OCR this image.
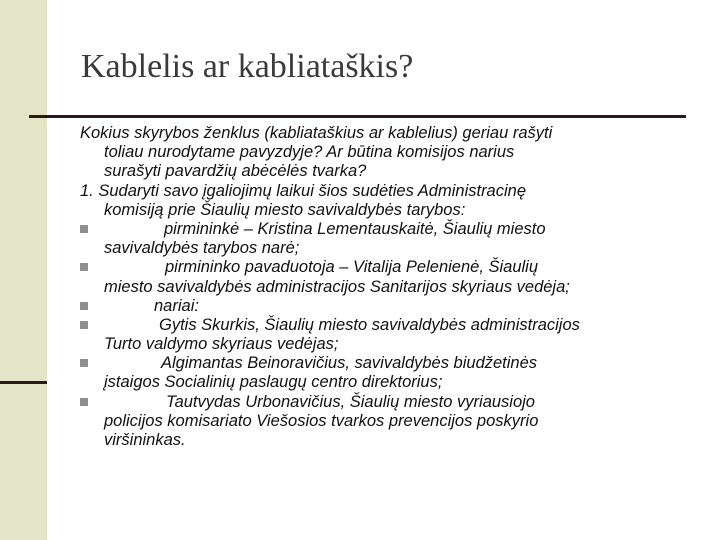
Kablelis ar kabliataškis?
Kokius skyrybos ženklus (kabliataškius ar kablelius) geriau rašyti
toliau nurodytame pavyzdyje? Ar būtina komisijos narius
surašyti pavardžių abėcėlės tvarka?
1. Sudaryti savo įgaliojimų laikui šios sudėties Administracinę
komisiją prie Šiaulių miesto savivaldybės tarybos:
pirmininkė – Kristina Lementauskaitė, Šiaulių miesto
savivaldybės tarybos narė;
pirmininko pavaduotoja – Vitalija Pelenienė, Šiaulių
miesto savivaldybės administracijos Sanitarijos skyriaus vedėja;
nariai:
Gytis Skurkis, Šiaulių miesto savivaldybės administracijos
Turto valdymo skyriaus vedėjas;
Algimantas Beinoravičius, savivaldybės biudžetinės
įstaigos Socialinių paslaugų centro direktorius;
Tautvydas Urbonavičius, Šiaulių miesto vyriausiojo
policijos komisariato Viešosios tvarkos prevencijos poskyrio
viršininkas.
